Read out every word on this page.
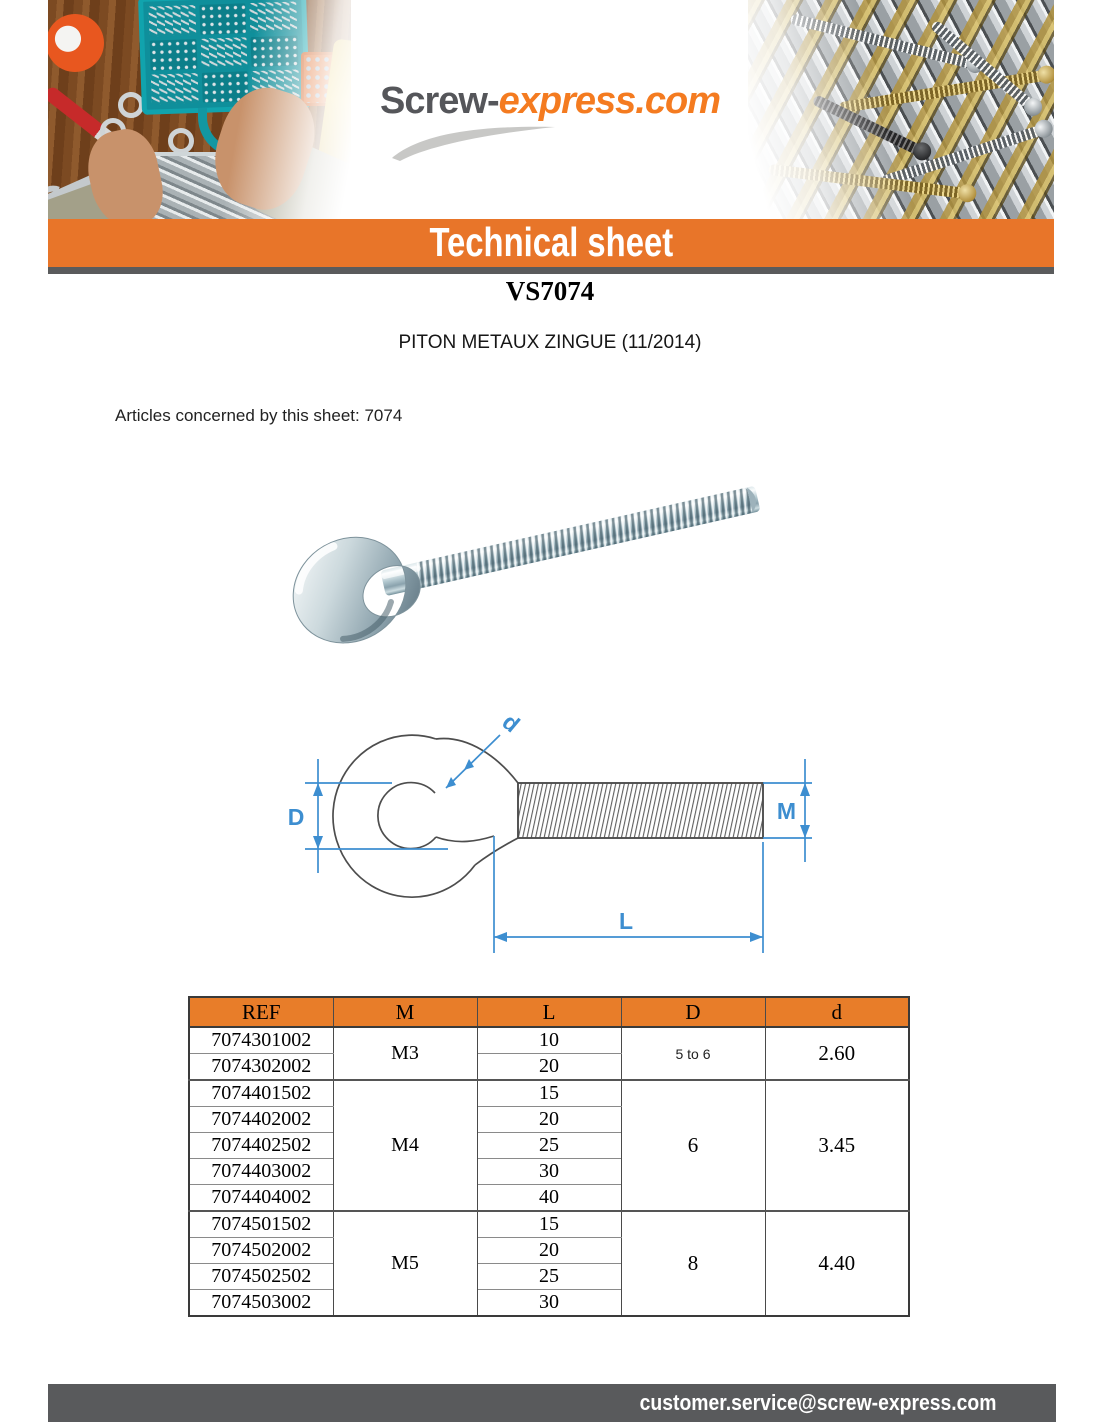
Screw-express.com
Technical sheet
VS7074
PITON METAUX ZINGUE (11/2014)
Articles concerned by this sheet: 7074
D
d
M
L
REF	M	L	D	d
7074301002	M3	10	5 to 6	2.60
7074302002		20		
7074401502	M4	15	6	3.45
7074402002		20		
7074402502		25		
7074403002		30		
7074404002		40		
7074501502	M5	15	8	4.40
7074502002		20		
7074502502		25		
7074503002		30		
customer.service@screw-express.com
